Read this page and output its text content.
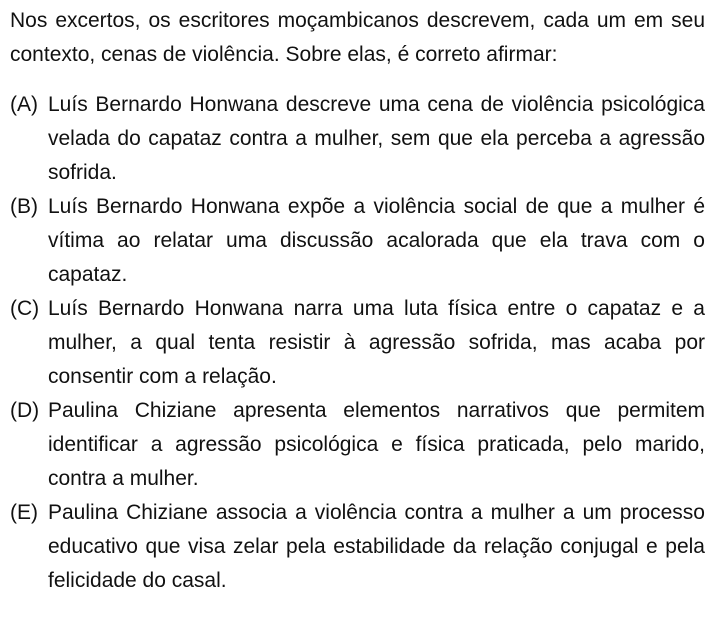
Nos excertos, os escritores moçambicanos descrevem, cada um em seu contexto, cenas de violência. Sobre elas, é correto afirmar:

(A) Luís Bernardo Honwana descreve uma cena de violência psicológica velada do capataz contra a mulher, sem que ela perceba a agressão sofrida.
(B) Luís Bernardo Honwana expõe a violência social de que a mulher é vítima ao relatar uma discussão acalorada que ela trava com o capataz.
(C) Luís Bernardo Honwana narra uma luta física entre o capataz e a mulher, a qual tenta resistir à agressão sofrida, mas acaba por consentir com a relação.
(D) Paulina Chiziane apresenta elementos narrativos que permitem identificar a agressão psicológica e física praticada, pelo marido, contra a mulher.
(E) Paulina Chiziane associa a violência contra a mulher a um processo educativo que visa zelar pela estabilidade da relação conjugal e pela felicidade do casal.
